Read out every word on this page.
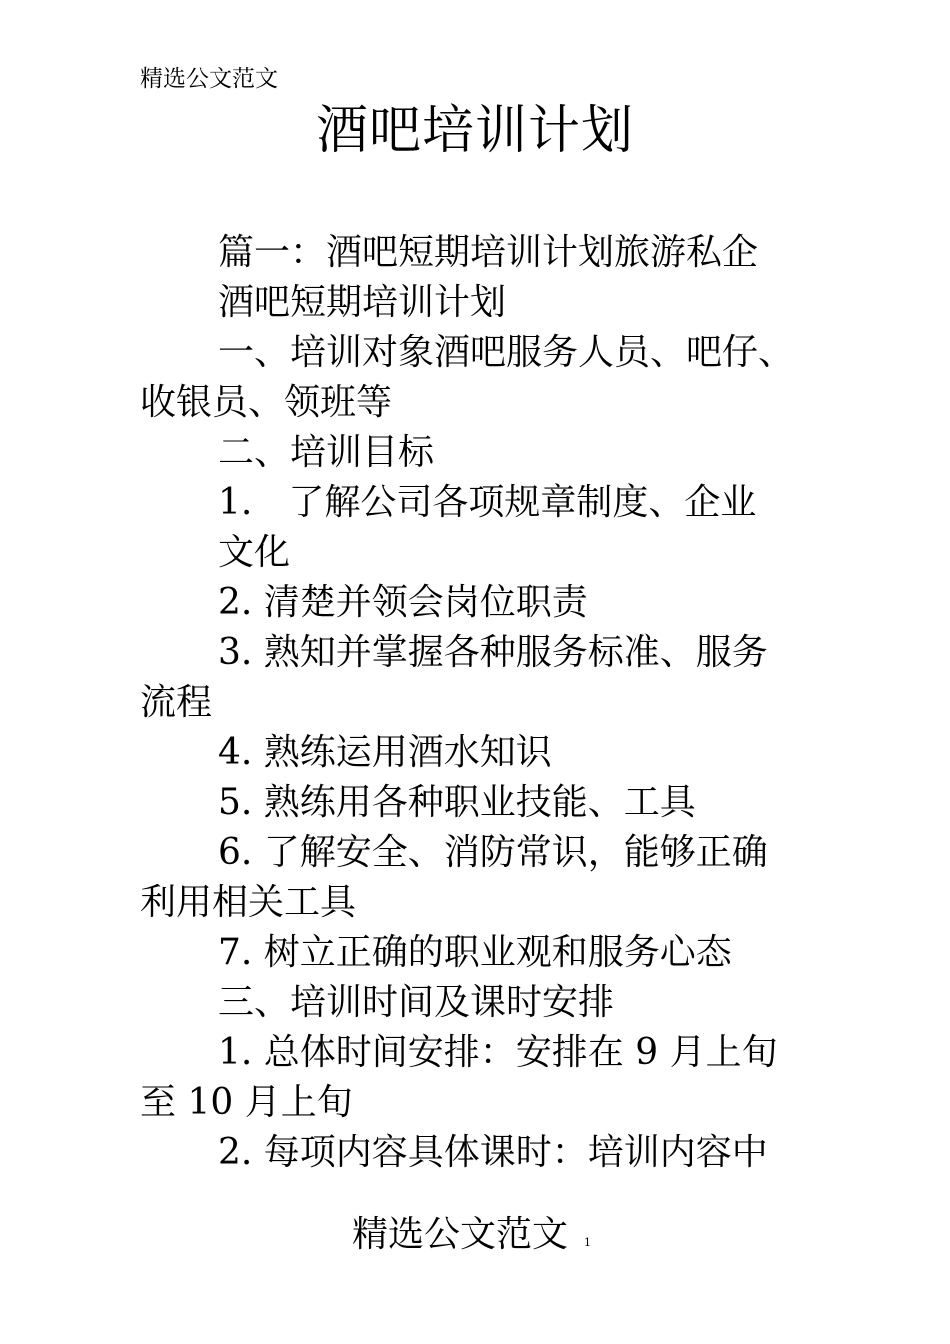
精选公文范文
酒吧培训计划
篇一：酒吧短期培训计划旅游私企
酒吧短期培训计划
一、培训对象酒吧服务人员、吧仔、
收银员、领班等
二、培训目标
1.　了解公司各项规章制度、企业
文化
2. 清楚并领会岗位职责
3. 熟知并掌握各种服务标准、服务
流程
4. 熟练运用酒水知识
5. 熟练用各种职业技能、工具
6. 了解安全、消防常识，能够正确
利用相关工具
7. 树立正确的职业观和服务心态
三、培训时间及课时安排
1. 总体时间安排：安排在 9 月上旬
至 10 月上旬
2. 每项内容具体课时：培训内容中
精选公文范文 1
